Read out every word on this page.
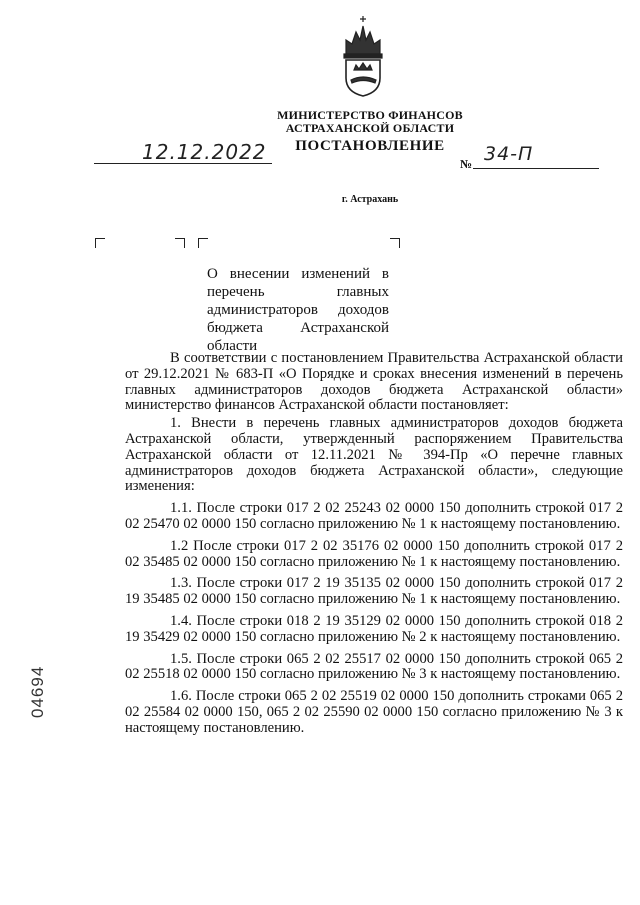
МИНИСТЕРСТВО ФИНАНСОВ
АСТРАХАНСКОЙ ОБЛАСТИ
ПОСТАНОВЛЕНИЕ
12.12.2022	№ 34-П
г. Астрахань
О внесении изменений в перечень главных администраторов доходов бюджета Астраханской области

В соответствии с постановлением Правительства Астраханской области от 29.12.2021 № 683-П «О Порядке и сроках внесения изменений в перечень главных администраторов доходов бюджета Астраханской области» министерство финансов Астраханской области постановляет:

1. Внести в перечень главных администраторов доходов бюджета Астраханской области, утвержденный распоряжением Правительства Астраханской области от 12.11.2021 № 394-Пр «О перечне главных администраторов доходов бюджета Астраханской области», следующие изменения:

1.1. После строки 017 2 02 25243 02 0000 150 дополнить строкой 017 2 02 25470 02 0000 150 согласно приложению № 1 к настоящему постановлению.

1.2 После строки 017 2 02 35176 02 0000 150 дополнить строкой 017 2 02 35485 02 0000 150 согласно приложению № 1 к настоящему постановлению.

1.3. После строки 017 2 19 35135 02 0000 150 дополнить строкой 017 2 19 35485 02 0000 150 согласно приложению № 1 к настоящему постановлению.

1.4. После строки 018 2 19 35129 02 0000 150 дополнить строкой 018 2 19 35429 02 0000 150 согласно приложению № 2 к настоящему постановлению.

1.5. После строки 065 2 02 25517 02 0000 150 дополнить строкой 065 2 02 25518 02 0000 150 согласно приложению № 3 к настоящему постановлению.

1.6. После строки 065 2 02 25519 02 0000 150 дополнить строками 065 2 02 25584 02 0000 150, 065 2 02 25590 02 0000 150 согласно приложению № 3 к настоящему постановлению.

04694
